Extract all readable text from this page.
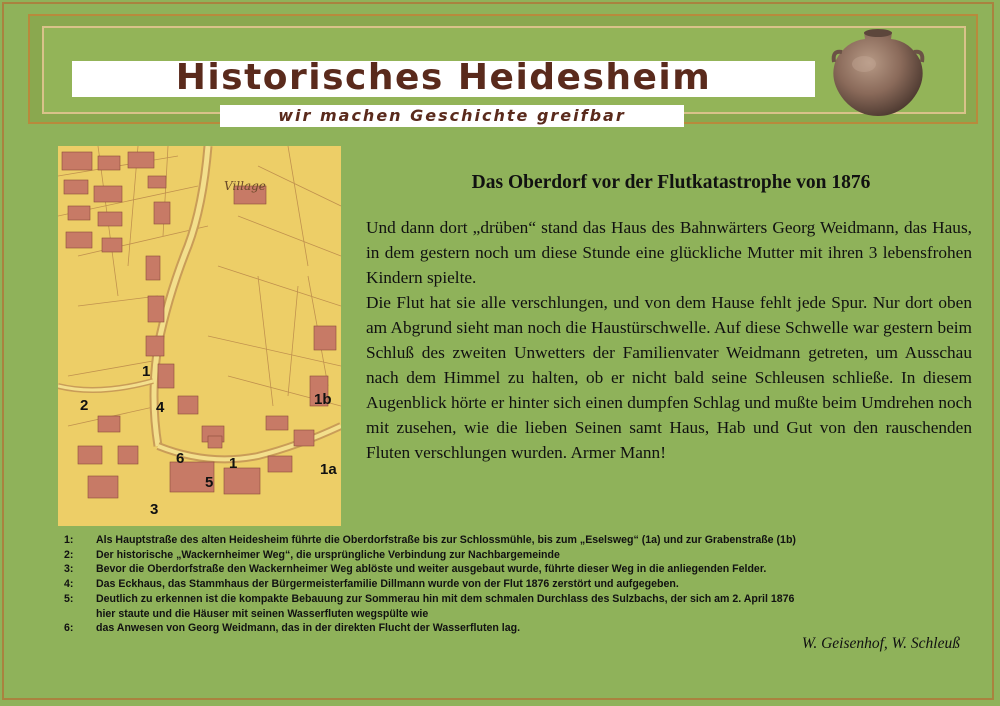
Historisches Heidesheim
wir machen Geschichte greifbar
1
2	4	1b
6	1
5
1a
3
Village	Das Oberdorf vor der Flutkatastrophe von 1876

Und dann dort „drüben“ stand das Haus des Bahnwärters Georg Weidmann, das Haus, in dem gestern noch um diese Stunde eine glückliche Mutter mit ihren 3 lebensfrohen Kindern spielte.

Die Flut hat sie alle verschlungen, und von dem Hause fehlt jede Spur. Nur dort oben am Abgrund sieht man noch die Haustürschwelle. Auf diese Schwelle war gestern beim Schluß des zweiten Unwetters der Familienvater Weidmann getreten, um Ausschau nach dem Himmel zu halten, ob er nicht bald seine Schleusen schließe. In diesem Augenblick hörte er hinter sich einen dumpfen Schlag und mußte beim Umdrehen noch mit zusehen, wie die lieben Seinen samt Haus, Hab und Gut von den rauschenden Fluten verschlungen wurden. Armer Mann!

1:	Als Hauptstraße des alten Heidesheim führte die Oberdorfstraße bis zur Schlossmühle, bis zum „Eselsweg“ (1a) und zur Grabenstraße (1b)
2:	Der historische „Wackernheimer Weg“, die ursprüngliche Verbindung zur Nachbargemeinde
3:	Bevor die Oberdorfstraße den Wackernheimer Weg ablöste und weiter ausgebaut wurde, führte dieser Weg in die anliegenden Felder.
4:	Das Eckhaus, das Stammhaus der Bürgermeisterfamilie Dillmann wurde von der Flut 1876 zerstört und aufgegeben.
5:	Deutlich zu erkennen ist die kompakte Bebauung zur Sommerau hin mit dem schmalen Durchlass des Sulzbachs, der sich am 2. April 1876
hier staute und die Häuser mit seinen Wasserfluten wegspülte wie
6:	das Anwesen von Georg Weidmann, das in der direkten Flucht der Wasserfluten lag.
W. Geisenhof, W. Schleuß
